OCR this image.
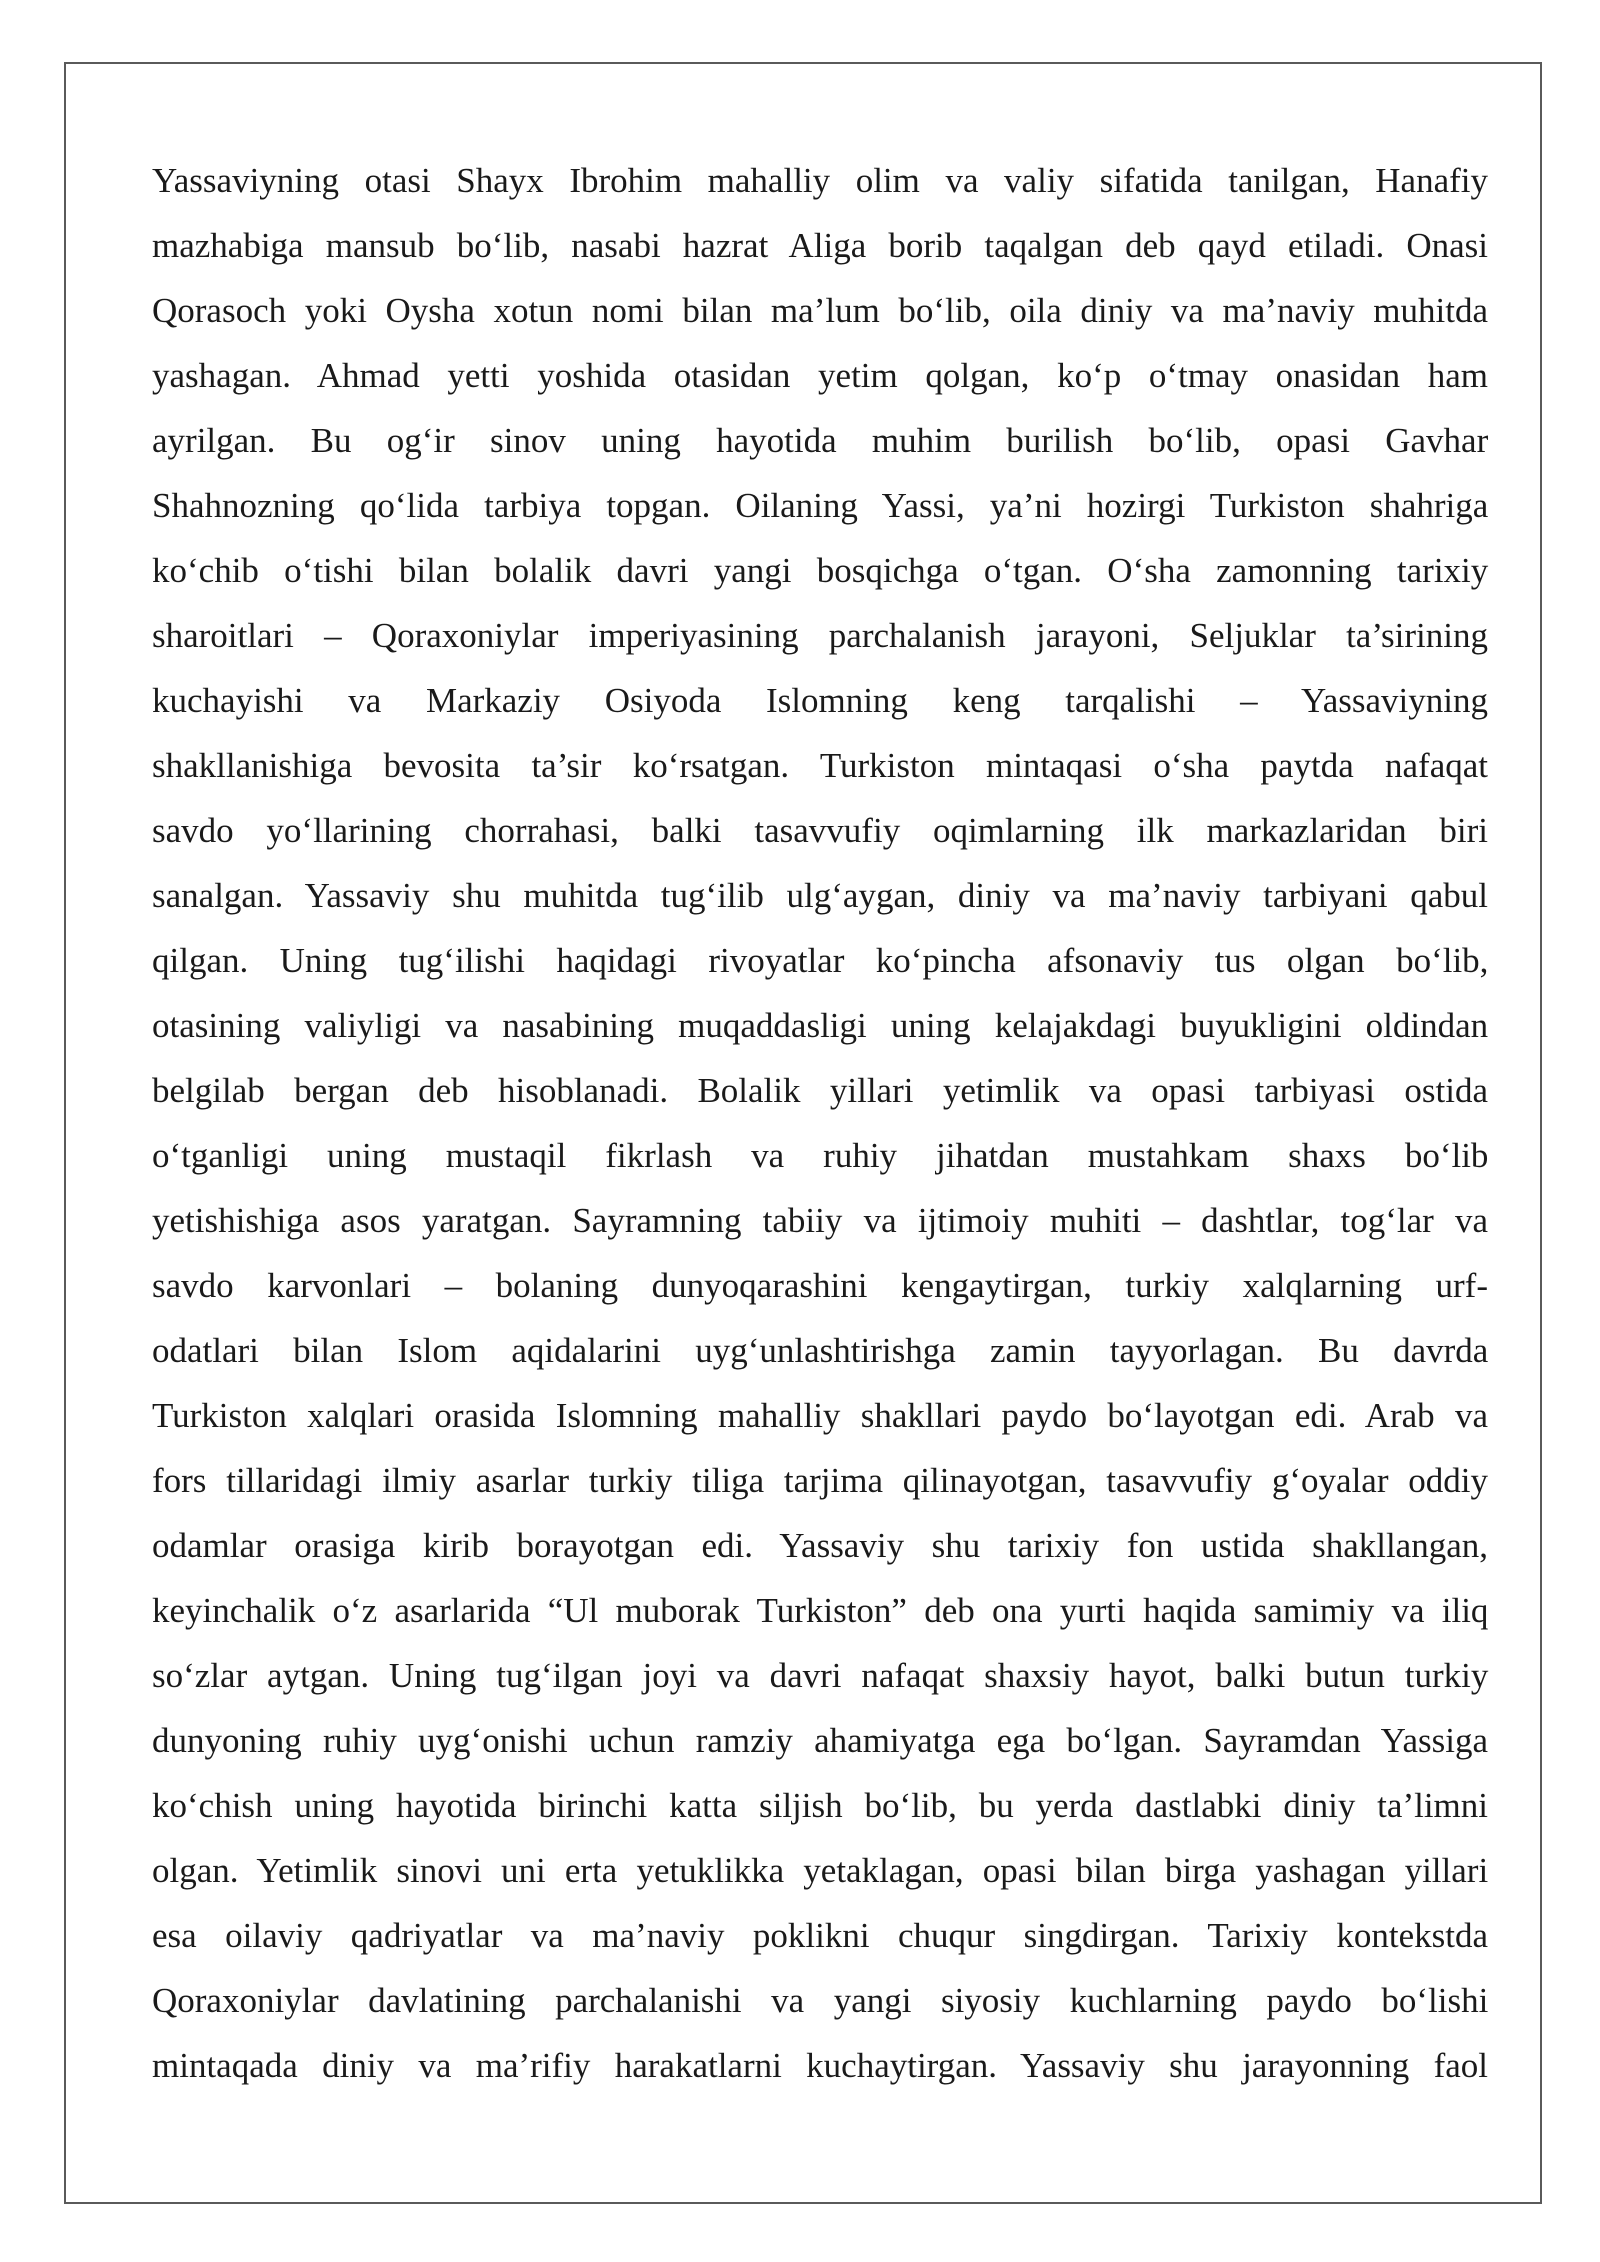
Yassaviyning otasi Shayx Ibrohim mahalliy olim va valiy sifatida tanilgan, Hanafiy
mazhabiga mansub bo‘lib, nasabi hazrat Aliga borib taqalgan deb qayd etiladi. Onasi
Qorasoch yoki Oysha xotun nomi bilan ma’lum bo‘lib, oila diniy va ma’naviy muhitda
yashagan. Ahmad yetti yoshida otasidan yetim qolgan, ko‘p o‘tmay onasidan ham
ayrilgan. Bu og‘ir sinov uning hayotida muhim burilish bo‘lib, opasi Gavhar
Shahnozning qo‘lida tarbiya topgan. Oilaning Yassi, ya’ni hozirgi Turkiston shahriga
ko‘chib o‘tishi bilan bolalik davri yangi bosqichga o‘tgan. O‘sha zamonning tarixiy
sharoitlari – Qoraxoniylar imperiyasining parchalanish jarayoni, Seljuklar ta’sirining
kuchayishi va Markaziy Osiyoda Islomning keng tarqalishi – Yassaviyning
shakllanishiga bevosita ta’sir ko‘rsatgan. Turkiston mintaqasi o‘sha paytda nafaqat
savdo yo‘llarining chorrahasi, balki tasavvufiy oqimlarning ilk markazlaridan biri
sanalgan. Yassaviy shu muhitda tug‘ilib ulg‘aygan, diniy va ma’naviy tarbiyani qabul
qilgan. Uning tug‘ilishi haqidagi rivoyatlar ko‘pincha afsonaviy tus olgan bo‘lib,
otasining valiyligi va nasabining muqaddasligi uning kelajakdagi buyukligini oldindan
belgilab bergan deb hisoblanadi. Bolalik yillari yetimlik va opasi tarbiyasi ostida
o‘tganligi uning mustaqil fikrlash va ruhiy jihatdan mustahkam shaxs bo‘lib
yetishishiga asos yaratgan. Sayramning tabiiy va ijtimoiy muhiti – dashtlar, tog‘lar va
savdo karvonlari – bolaning dunyoqarashini kengaytirgan, turkiy xalqlarning urf-
odatlari bilan Islom aqidalarini uyg‘unlashtirishga zamin tayyorlagan. Bu davrda
Turkiston xalqlari orasida Islomning mahalliy shakllari paydo bo‘layotgan edi. Arab va
fors tillaridagi ilmiy asarlar turkiy tiliga tarjima qilinayotgan, tasavvufiy g‘oyalar oddiy
odamlar orasiga kirib borayotgan edi. Yassaviy shu tarixiy fon ustida shakllangan,
keyinchalik o‘z asarlarida “Ul muborak Turkiston” deb ona yurti haqida samimiy va iliq
so‘zlar aytgan. Uning tug‘ilgan joyi va davri nafaqat shaxsiy hayot, balki butun turkiy
dunyoning ruhiy uyg‘onishi uchun ramziy ahamiyatga ega bo‘lgan. Sayramdan Yassiga
ko‘chish uning hayotida birinchi katta siljish bo‘lib, bu yerda dastlabki diniy ta’limni
olgan. Yetimlik sinovi uni erta yetuklikka yetaklagan, opasi bilan birga yashagan yillari
esa oilaviy qadriyatlar va ma’naviy poklikni chuqur singdirgan. Tarixiy kontekstda
Qoraxoniylar davlatining parchalanishi va yangi siyosiy kuchlarning paydo bo‘lishi
mintaqada diniy va ma’rifiy harakatlarni kuchaytirgan. Yassaviy shu jarayonning faol
